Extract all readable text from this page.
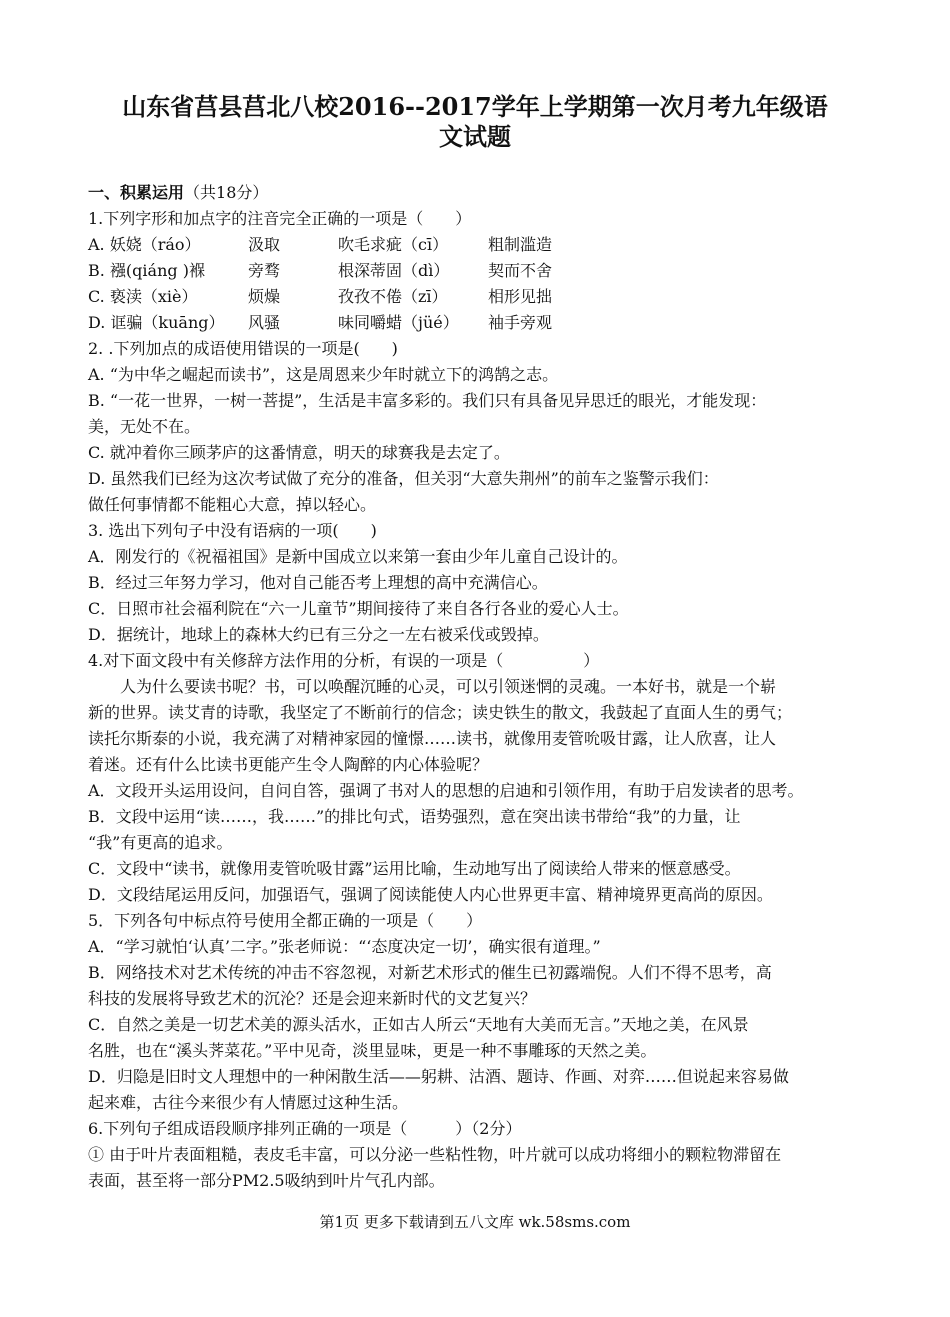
山东省莒县莒北八校2016--2017学年上学期第一次月考九年级语
文试题

一、积累运用（共18分）

1.下列字形和加点字的注音完全正确的一项是（　　）

A. 妖娆（ráo）	汲取	吹毛求疵（cī） 粗制滥造

B. 襁(qiáng )褓	旁骛	根深蒂固（dì） 契而不舍

C. 亵渎（xiè）	烦燥	孜孜不倦（zī）	相形见拙

D. 诓骗（kuāng） 风骚	味同嚼蜡（jüé） 袖手旁观

2. .下列加点的成语使用错误的一项是(　　)

A. “为中华之崛起而读书”，这是周恩来少年时就立下的鸿鹄之志。

B. “一花一世界，一树一菩提”，生活是丰富多彩的。我们只有具备见异思迁的眼光，才能发现：

美，无处不在。

C. 就冲着你三顾茅庐的这番情意，明天的球赛我是去定了。

D. 虽然我们已经为这次考试做了充分的准备，但关羽“大意失荆州”的前车之鉴警示我们：

做任何事情都不能粗心大意，掉以轻心。

3. 选出下列句子中没有语病的一项(　　)

A．刚发行的《祝福祖国》是新中国成立以来第一套由少年儿童自己设计的。

B．经过三年努力学习，他对自己能否考上理想的高中充满信心。

C．日照市社会福利院在“六一儿童节”期间接待了来自各行各业的爱心人士。

D．据统计，地球上的森林大约已有三分之一左右被采伐或毁掉。

4.对下面文段中有关修辞方法作用的分析，有误的一项是（　　　　　）

人为什么要读书呢？书，可以唤醒沉睡的心灵，可以引领迷惘的灵魂。一本好书，就是一个崭

新的世界。读艾青的诗歌，我坚定了不断前行的信念；读史铁生的散文，我鼓起了直面人生的勇气；

读托尔斯泰的小说，我充满了对精神家园的憧憬……读书，就像用麦管吮吸甘露，让人欣喜，让人

着迷。还有什么比读书更能产生令人陶醉的内心体验呢？

A．文段开头运用设问，自问自答，强调了书对人的思想的启迪和引领作用，有助于启发读者的思考。

B．文段中运用“读……，我……”的排比句式，语势强烈，意在突出读书带给“我”的力量，让

“我”有更高的追求。

C．文段中“读书，就像用麦管吮吸甘露”运用比喻，生动地写出了阅读给人带来的惬意感受。

D．文段结尾运用反问，加强语气，强调了阅读能使人内心世界更丰富、精神境界更高尚的原因。

5．下列各句中标点符号使用全都正确的一项是（　　）

A．“学习就怕‘认真’二字。”张老师说：“‘态度决定一切’，确实很有道理。”

B．网络技术对艺术传统的冲击不容忽视，对新艺术形式的催生已初露端倪。人们不得不思考，高

科技的发展将导致艺术的沉沦？还是会迎来新时代的文艺复兴？

C．自然之美是一切艺术美的源头活水，正如古人所云“天地有大美而无言。”天地之美，在风景

名胜，也在“溪头荠菜花。”平中见奇，淡里显味，更是一种不事雕琢的天然之美。

D．归隐是旧时文人理想中的一种闲散生活——躬耕、沽酒、题诗、作画、对弈……但说起来容易做

起来难，古往今来很少有人情愿过这种生活。

6.下列句子组成语段顺序排列正确的一项是（　　　）（2分）

① 由于叶片表面粗糙，表皮毛丰富，可以分泌一些粘性物，叶片就可以成功将细小的颗粒物滞留在

表面，甚至将一部分PM2.5吸纳到叶片气孔内部。

第1页 更多下载请到五八文库 wk.58sms.com
